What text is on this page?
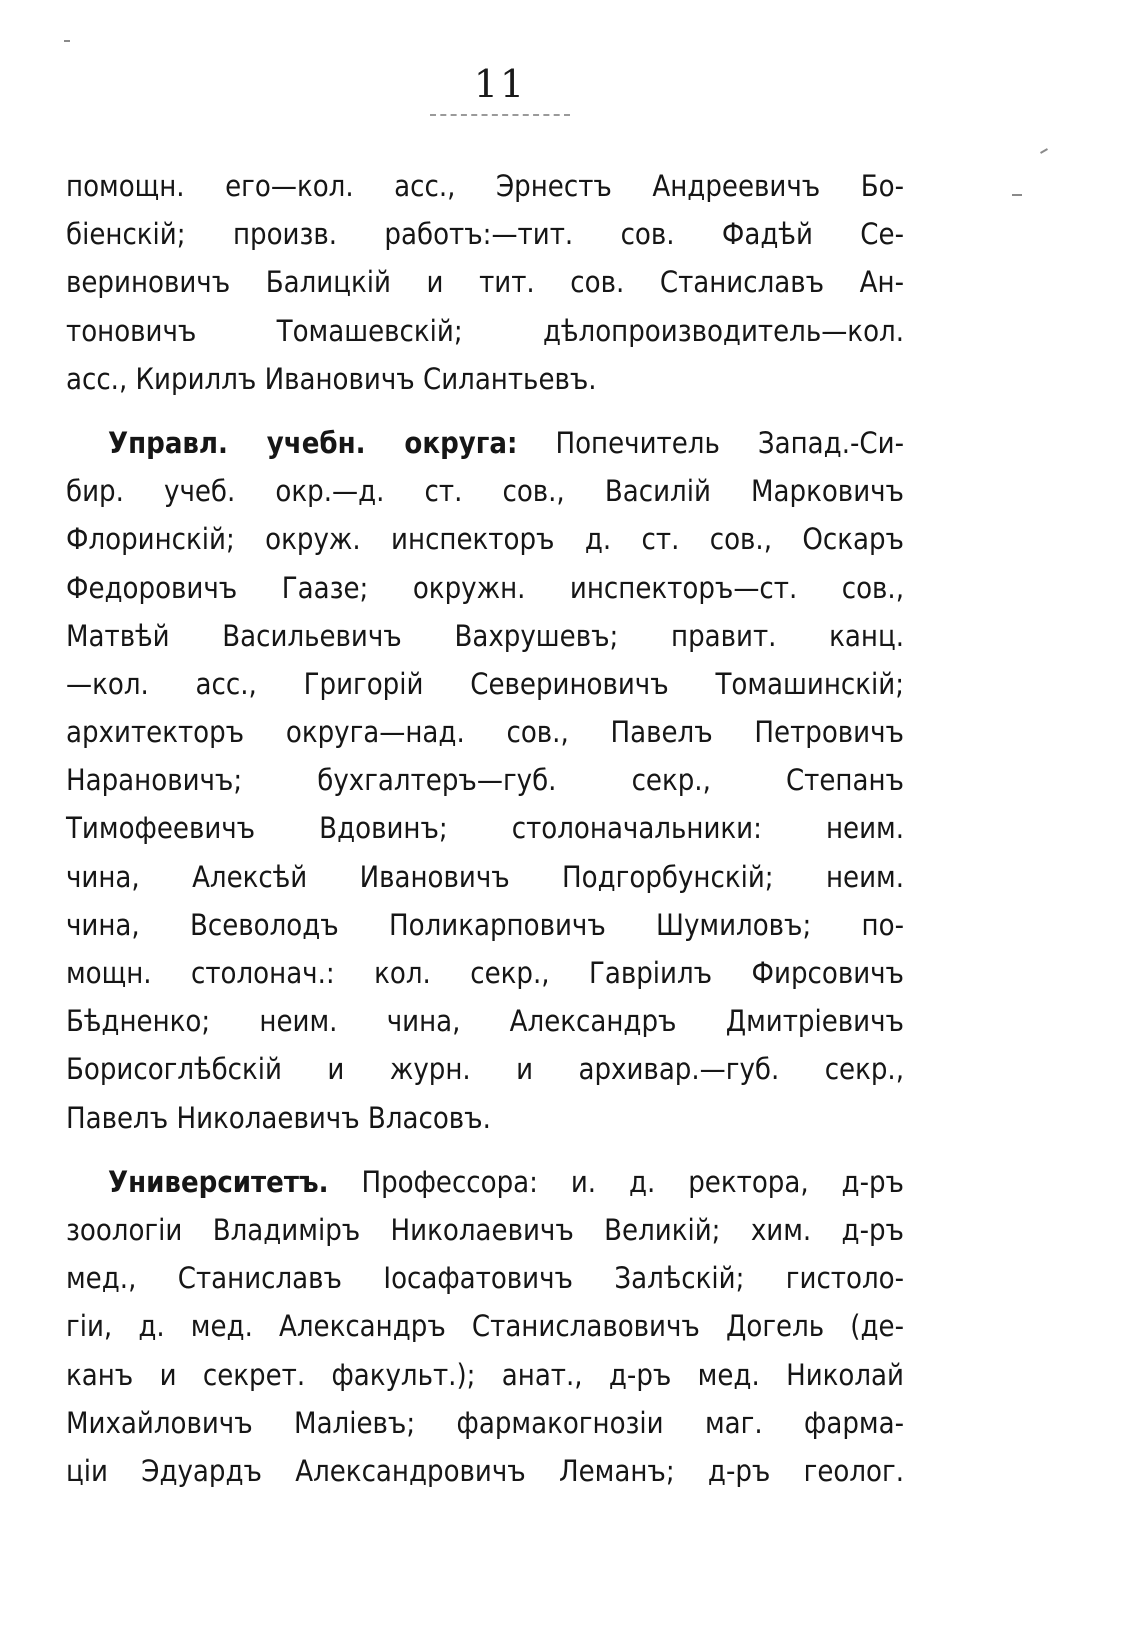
11
помощн. его—кол. асс., Эрнестъ Андреевичъ Бо-
біенскій; произв. работъ:—тит. сов. Фадѣй Се-
вериновичъ Балицкій и тит. сов. Станиславъ Ан-
тоновичъ Томашевскій; дѣлопроизводитель—кол.
асс., Кириллъ Ивановичъ Силантьевъ.
Управл. учебн. округа: Попечитель Запад.-Си-
бир. учеб. окр.—д. ст. сов., Василій Марковичъ
Флоринскій; окруж. инспекторъ д. ст. сов., Оскаръ
Федоровичъ Гаазе; окружн. инспекторъ—ст. сов.,
Матвѣй Васильевичъ Вахрушевъ; правит. канц.
—кол. асс., Григорій Севериновичъ Томашинскій;
архитекторъ округа—над. сов., Павелъ Петровичъ
Нарановичъ; бухгалтеръ—губ. секр., Степанъ
Тимофеевичъ Вдовинъ; столоначальники: неим.
чина, Алексѣй Ивановичъ Подгорбунскій; неим.
чина, Всеволодъ Поликарповичъ Шумиловъ; по-
мощн. столонач.: кол. секр., Гавріилъ Фирсовичъ
Бѣдненко; неим. чина, Александръ Дмитріевичъ
Борисоглѣбскій и журн. и архивар.—губ. секр.,
Павелъ Николаевичъ Власовъ.
Университетъ. Профессора: и. д. ректора, д-ръ
зоологіи Владиміръ Николаевичъ Великій; хим. д-ръ
мед., Станиславъ Іосафатовичъ Залѣскій; гистоло-
гіи, д. мед. Александръ Станиславовичъ Догель (де-
канъ и секрет. факульт.); анат., д-ръ мед. Николай
Михайловичъ Маліевъ; фармакогнозіи маг. фарма-
ціи Эдуардъ Александровичъ Леманъ; д-ръ геолог.
